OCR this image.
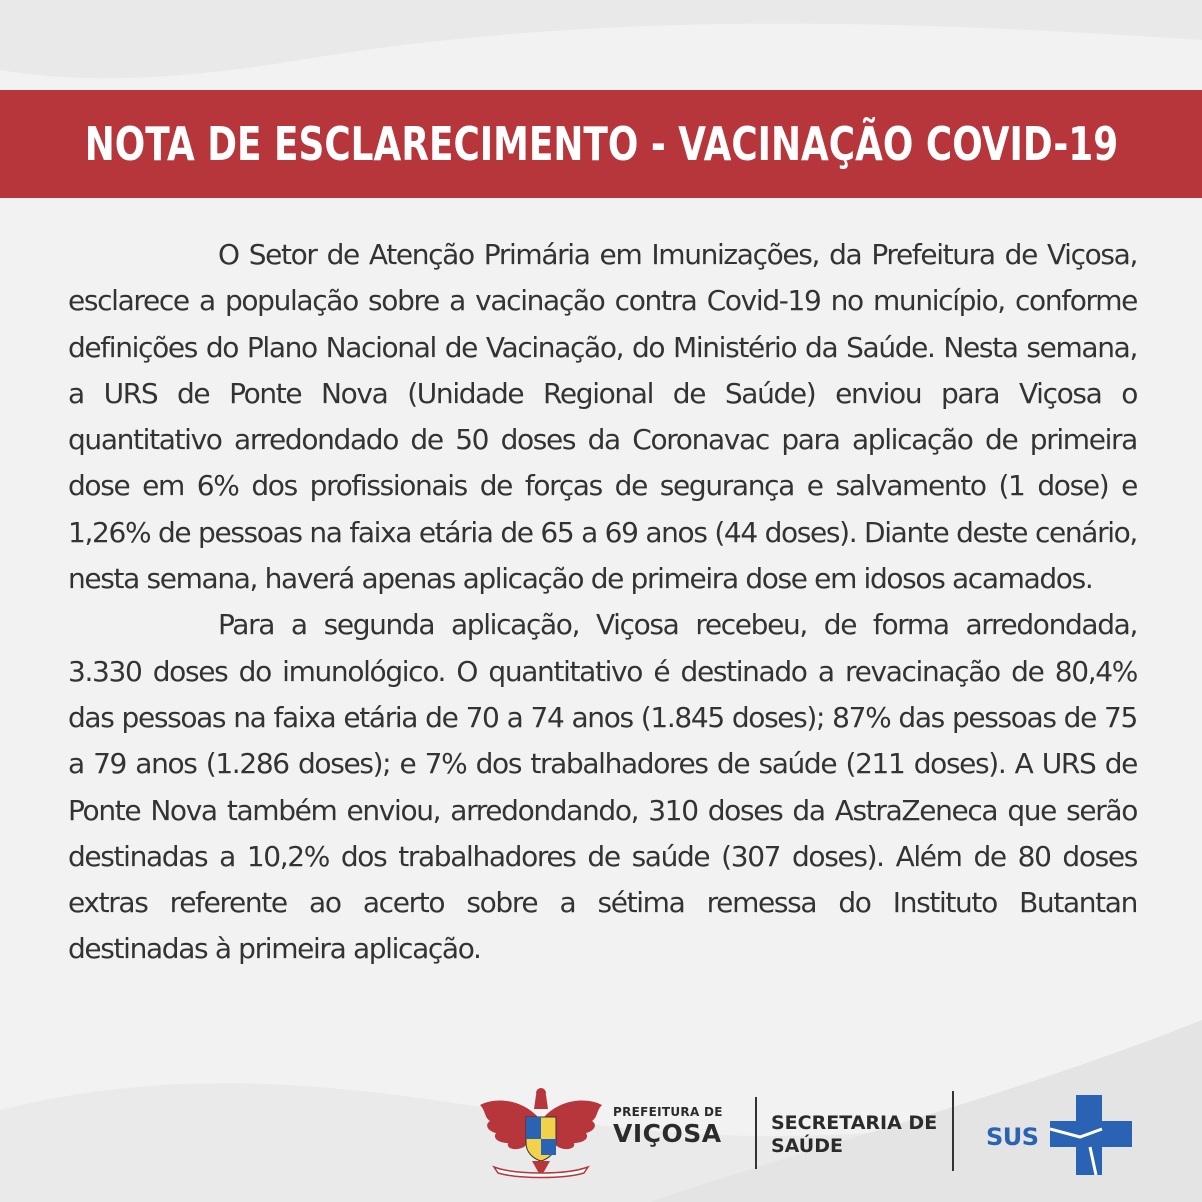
NOTA DE ESCLARECIMENTO - VACINAÇÃO COVID-19

O Setor de Atenção Primária em Imunizações, da Prefeitura de Viçosa, esclarece a população sobre a vacinação contra Covid-19 no município, conforme definições do Plano Nacional de Vacinação, do Ministério da Saúde. Nesta semana, a URS de Ponte Nova (Unidade Regional de Saúde) enviou para Viçosa o quantitativo arredondado de 50 doses da Coronavac para aplicação de primeira dose em 6% dos profissionais de forças de segurança e salvamento (1 dose) e 1,26% de pessoas na faixa etária de 65 a 69 anos (44 doses). Diante deste cenário, nesta semana, haverá apenas aplicação de primeira dose em idosos acamados.

Para a segunda aplicação, Viçosa recebeu, de forma arredondada, 3.330 doses do imunológico. O quantitativo é destinado a revacinação de 80,4% das pessoas na faixa etária de 70 a 74 anos (1.845 doses); 87% das pessoas de 75 a 79 anos (1.286 doses); e 7% dos trabalhadores de saúde (211 doses). A URS de Ponte Nova também enviou, arredondando, 310 doses da AstraZeneca que serão destinadas a 10,2% dos trabalhadores de saúde (307 doses). Além de 80 doses extras referente ao acerto sobre a sétima remessa do Instituto Butantan destinadas à primeira aplicação.

PREFEITURA DE
VIÇOSA	SECRETARIA DE
SAÚDE	SUS
